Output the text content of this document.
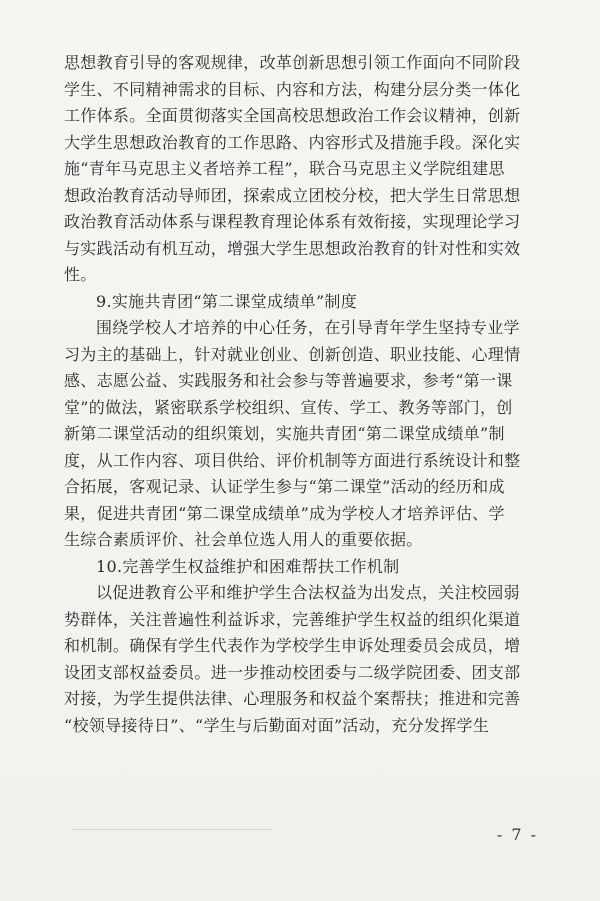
思想教育引导的客观规律，改革创新思想引领工作面向不同阶段
学生、不同精神需求的目标、内容和方法，构建分层分类一体化
工作体系。全面贯彻落实全国高校思想政治工作会议精神，创新
大学生思想政治教育的工作思路、内容形式及措施手段。深化实
施“青年马克思主义者培养工程”，联合马克思主义学院组建思
想政治教育活动导师团，探索成立团校分校，把大学生日常思想
政治教育活动体系与课程教育理论体系有效衔接，实现理论学习
与实践活动有机互动，增强大学生思想政治教育的针对性和实效
性。
9.实施共青团“第二课堂成绩单”制度
围绕学校人才培养的中心任务，在引导青年学生坚持专业学
习为主的基础上，针对就业创业、创新创造、职业技能、心理情
感、志愿公益、实践服务和社会参与等普遍要求，参考“第一课
堂”的做法，紧密联系学校组织、宣传、学工、教务等部门，创
新第二课堂活动的组织策划，实施共青团“第二课堂成绩单”制
度，从工作内容、项目供给、评价机制等方面进行系统设计和整
合拓展，客观记录、认证学生参与“第二课堂”活动的经历和成
果，促进共青团“第二课堂成绩单”成为学校人才培养评估、学
生综合素质评价、社会单位选人用人的重要依据。
10.完善学生权益维护和困难帮扶工作机制
以促进教育公平和维护学生合法权益为出发点，关注校园弱
势群体，关注普遍性利益诉求，完善维护学生权益的组织化渠道
和机制。确保有学生代表作为学校学生申诉处理委员会成员，增
设团支部权益委员。进一步推动校团委与二级学院团委、团支部
对接，为学生提供法律、心理服务和权益个案帮扶；推进和完善
“校领导接待日”、“学生与后勤面对面”活动，充分发挥学生
- 7 -
